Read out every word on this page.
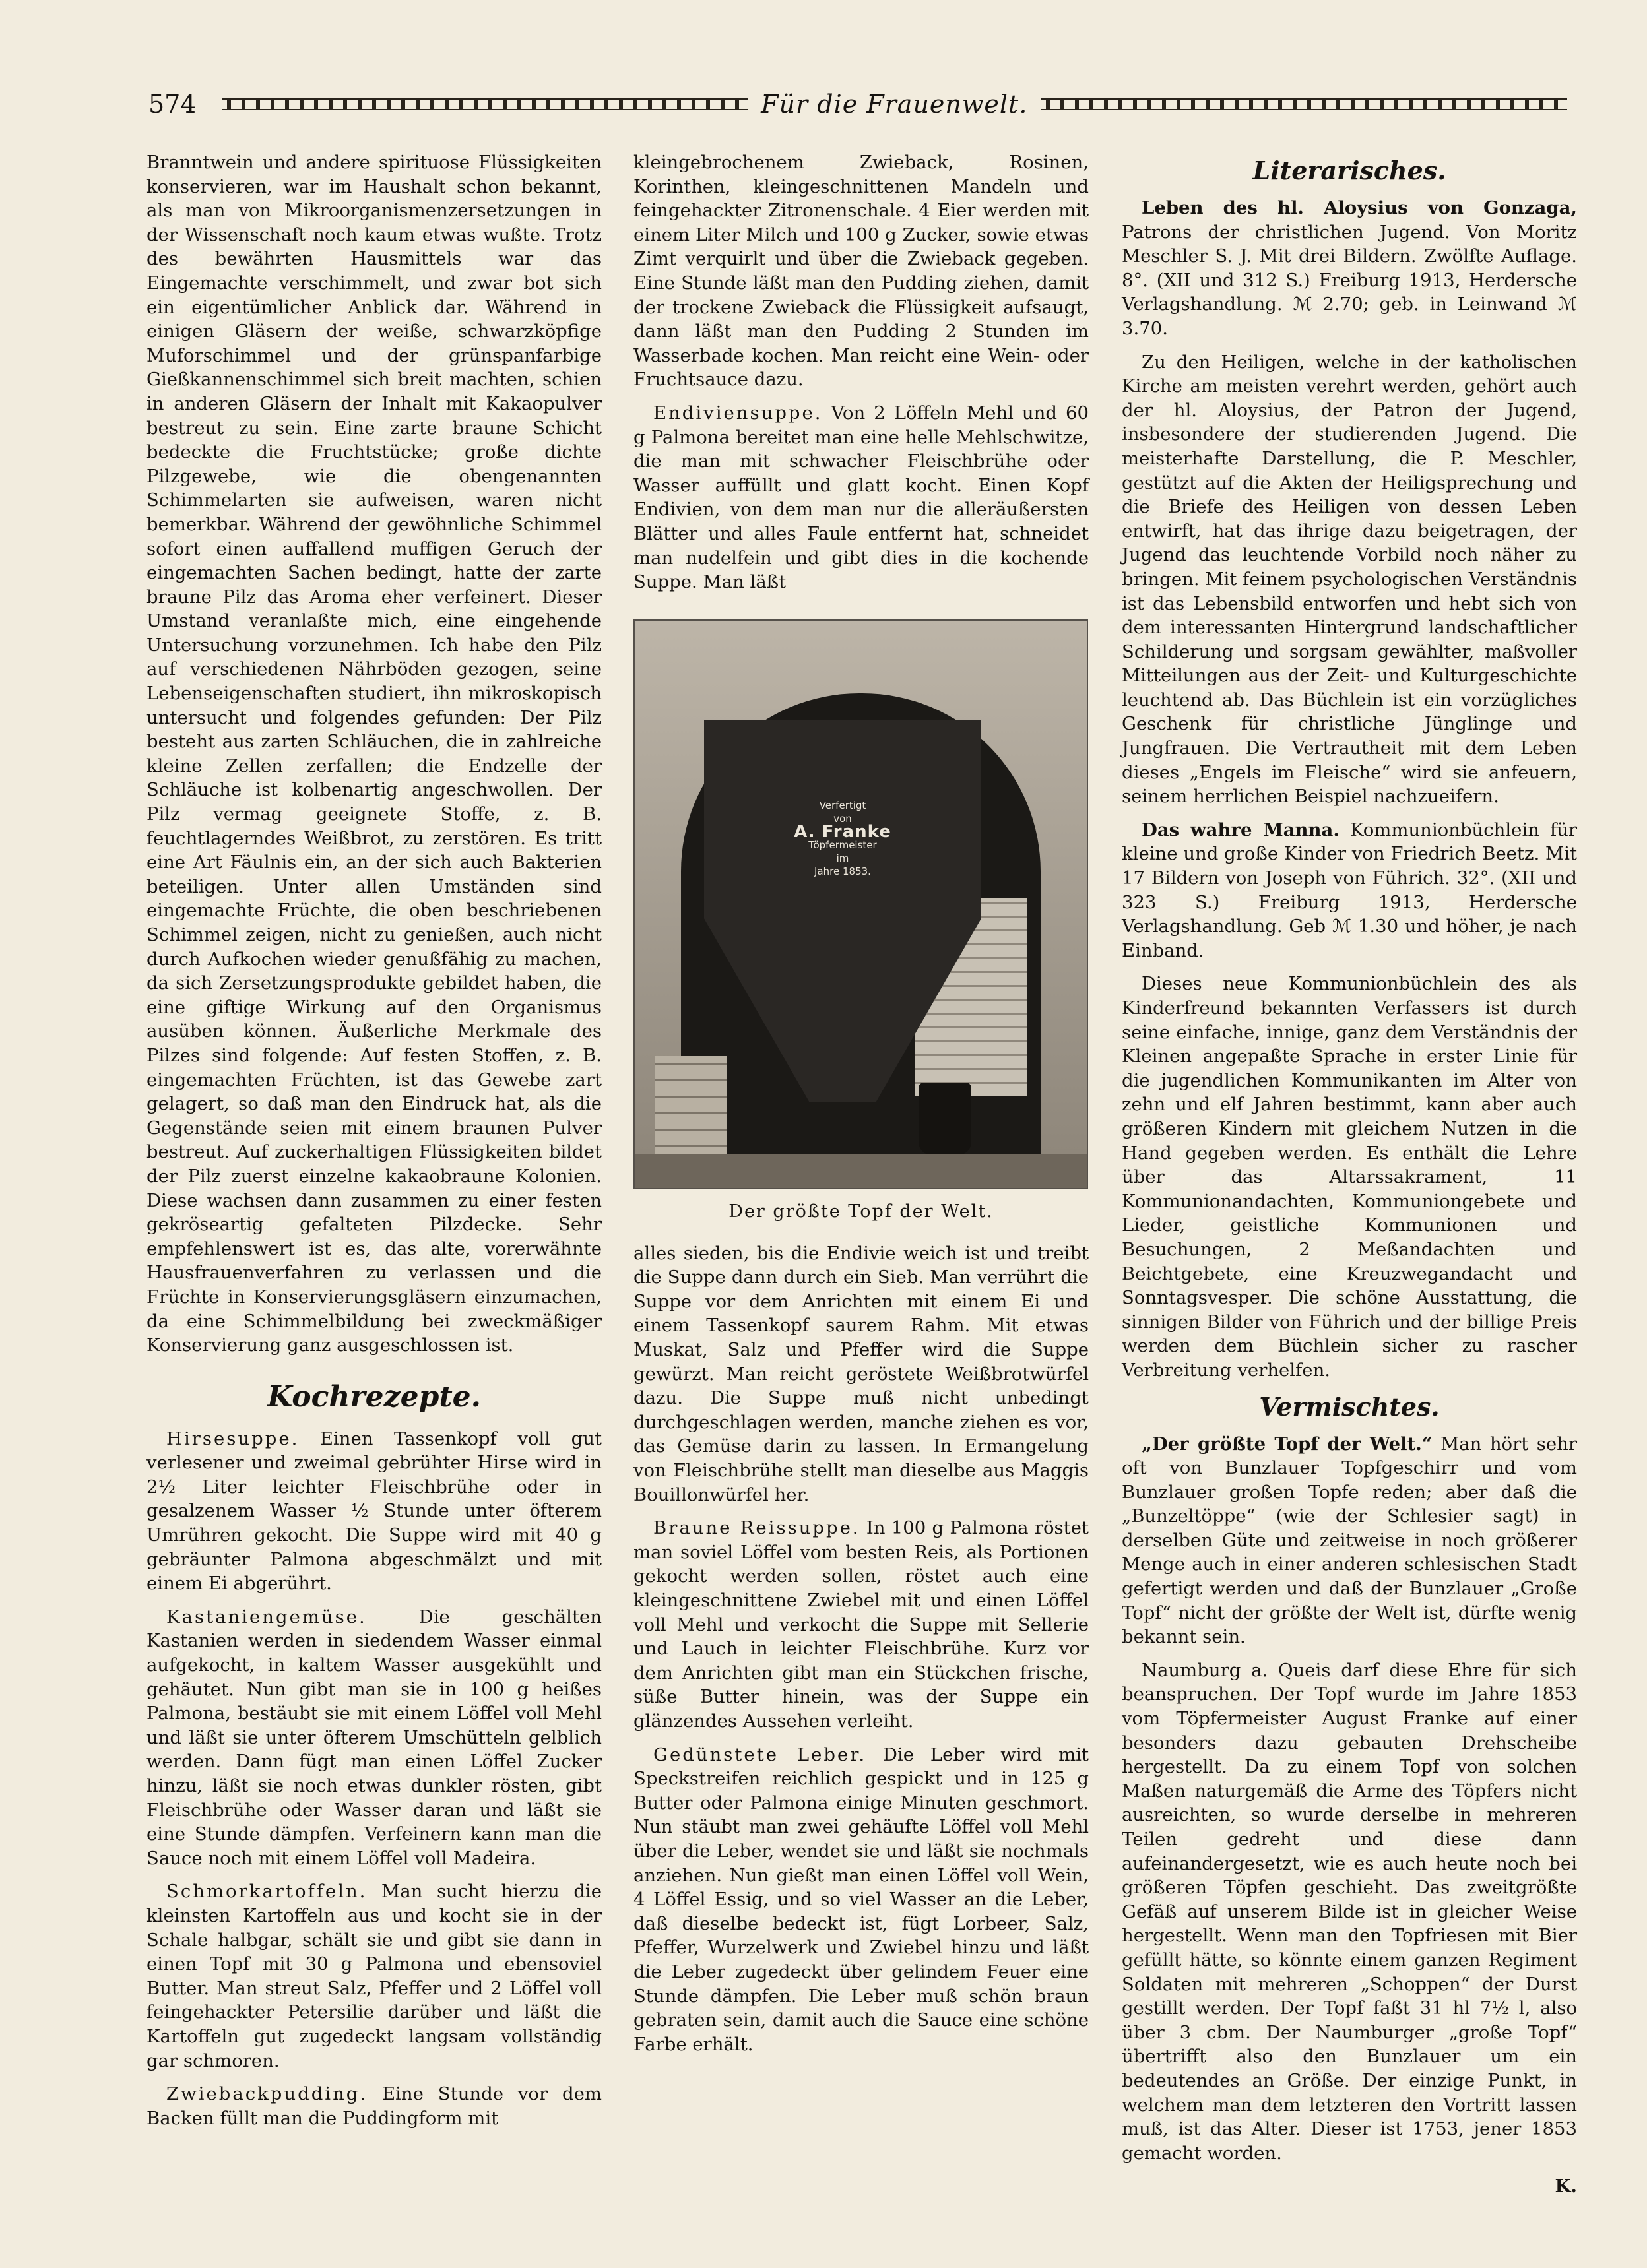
574	Für die Frauenwelt.

Branntwein und andere spirituose Flüssigkeiten konservieren, war im Haushalt schon bekannt, als man von Mikroorganismenzersetzungen in der Wissenschaft noch kaum etwas wußte. Trotz des bewährten Hausmittels war das Eingemachte verschimmelt, und zwar bot sich ein eigentümlicher Anblick dar. Während in einigen Gläsern der weiße, schwarzköpfige Muforschimmel und der grünspanfarbige Gießkannenschimmel sich breit machten, schien in anderen Gläsern der Inhalt mit Kakaopulver bestreut zu sein. Eine zarte braune Schicht bedeckte die Fruchtstücke; große dichte Pilzgewebe, wie die obengenannten Schimmelarten sie aufweisen, waren nicht bemerkbar. Während der gewöhnliche Schimmel sofort einen auffallend muffigen Geruch der eingemachten Sachen bedingt, hatte der zarte braune Pilz das Aroma eher verfeinert. Dieser Umstand veranlaßte mich, eine eingehende Untersuchung vorzunehmen. Ich habe den Pilz auf verschiedenen Nährböden gezogen, seine Lebenseigenschaften studiert, ihn mikroskopisch untersucht und folgendes gefunden: Der Pilz besteht aus zarten Schläuchen, die in zahlreiche kleine Zellen zerfallen; die Endzelle der Schläuche ist kolbenartig angeschwollen. Der Pilz vermag geeignete Stoffe, z. B. feuchtlagerndes Weißbrot, zu zerstören. Es tritt eine Art Fäulnis ein, an der sich auch Bakterien beteiligen. Unter allen Umständen sind eingemachte Früchte, die oben beschriebenen Schimmel zeigen, nicht zu genießen, auch nicht durch Aufkochen wieder genußfähig zu machen, da sich Zersetzungsprodukte gebildet haben, die eine giftige Wirkung auf den Organismus ausüben können. Äußerliche Merkmale des Pilzes sind folgende: Auf festen Stoffen, z. B. eingemachten Früchten, ist das Gewebe zart gelagert, so daß man den Eindruck hat, als die Gegenstände seien mit einem braunen Pulver bestreut. Auf zuckerhaltigen Flüssigkeiten bildet der Pilz zuerst einzelne kakaobraune Kolonien. Diese wachsen dann zusammen zu einer festen gekröseartig gefalteten Pilzdecke. Sehr empfehlenswert ist es, das alte, vorerwähnte Hausfrauenverfahren zu verlassen und die Früchte in Konservierungsgläsern einzumachen, da eine Schimmelbildung bei zweckmäßiger Konservierung ganz ausgeschlossen ist.

Kochrezepte.

Hirsesuppe. Einen Tassenkopf voll gut verlesener und zweimal gebrühter Hirse wird in 2½ Liter leichter Fleischbrühe oder in gesalzenem Wasser ½ Stunde unter öfterem Umrühren gekocht. Die Suppe wird mit 40 g gebräunter Palmona abgeschmälzt und mit einem Ei abgerührt.

Kastaniengemüse. Die geschälten Kastanien werden in siedendem Wasser einmal aufgekocht, in kaltem Wasser ausgekühlt und gehäutet. Nun gibt man sie in 100 g heißes Palmona, bestäubt sie mit einem Löffel voll Mehl und läßt sie unter öfterem Umschütteln gelblich werden. Dann fügt man einen Löffel Zucker hinzu, läßt sie noch etwas dunkler rösten, gibt Fleischbrühe oder Wasser daran und läßt sie eine Stunde dämpfen. Verfeinern kann man die Sauce noch mit einem Löffel voll Madeira.

Schmorkartoffeln. Man sucht hierzu die kleinsten Kartoffeln aus und kocht sie in der Schale halbgar, schält sie und gibt sie dann in einen Topf mit 30 g Palmona und ebensoviel Butter. Man streut Salz, Pfeffer und 2 Löffel voll feingehackter Petersilie darüber und läßt die Kartoffeln gut zugedeckt langsam vollständig gar schmoren.

Zwiebackpudding. Eine Stunde vor dem Backen füllt man die Puddingform mit

kleingebrochenem Zwieback, Rosinen, Korinthen, kleingeschnittenen Mandeln und feingehackter Zitronenschale. 4 Eier werden mit einem Liter Milch und 100 g Zucker, sowie etwas Zimt verquirlt und über die Zwieback gegeben. Eine Stunde läßt man den Pudding ziehen, damit der trockene Zwieback die Flüssigkeit aufsaugt, dann läßt man den Pudding 2 Stunden im Wasserbade kochen. Man reicht eine Wein- oder Fruchtsauce dazu.

Endiviensuppe. Von 2 Löffeln Mehl und 60 g Palmona bereitet man eine helle Mehlschwitze, die man mit schwacher Fleischbrühe oder Wasser auffüllt und glatt kocht. Einen Kopf Endivien, von dem man nur die alleräußersten Blätter und alles Faule entfernt hat, schneidet man nudelfein und gibt dies in die kochende Suppe. Man läßt

Verfertigt
von
A. Franke
Töpfermeister
im
Jahre 1853.
Der größte Topf der Welt.

alles sieden, bis die Endivie weich ist und treibt die Suppe dann durch ein Sieb. Man verrührt die Suppe vor dem Anrichten mit einem Ei und einem Tassenkopf saurem Rahm. Mit etwas Muskat, Salz und Pfeffer wird die Suppe gewürzt. Man reicht geröstete Weißbrotwürfel dazu. Die Suppe muß nicht unbedingt durchgeschlagen werden, manche ziehen es vor, das Gemüse darin zu lassen. In Ermangelung von Fleischbrühe stellt man dieselbe aus Maggis Bouillonwürfel her.

Braune Reissuppe. In 100 g Palmona röstet man soviel Löffel vom besten Reis, als Portionen gekocht werden sollen, röstet auch eine kleingeschnittene Zwiebel mit und einen Löffel voll Mehl und verkocht die Suppe mit Sellerie und Lauch in leichter Fleischbrühe. Kurz vor dem Anrichten gibt man ein Stückchen frische, süße Butter hinein, was der Suppe ein glänzendes Aussehen verleiht.

Gedünstete Leber. Die Leber wird mit Speckstreifen reichlich gespickt und in 125 g Butter oder Palmona einige Minuten geschmort. Nun stäubt man zwei gehäufte Löffel voll Mehl über die Leber, wendet sie und läßt sie nochmals anziehen. Nun gießt man einen Löffel voll Wein, 4 Löffel Essig, und so viel Wasser an die Leber, daß dieselbe bedeckt ist, fügt Lorbeer, Salz, Pfeffer, Wurzelwerk und Zwiebel hinzu und läßt die Leber zugedeckt über gelindem Feuer eine Stunde dämpfen. Die Leber muß schön braun gebraten sein, damit auch die Sauce eine schöne Farbe erhält.

Literarisches.

Leben des hl. Aloysius von Gonzaga, Patrons der christlichen Jugend. Von Moritz Meschler S. J. Mit drei Bildern. Zwölfte Auflage. 8°. (XII und 312 S.) Freiburg 1913, Herdersche Verlagshandlung. ℳ 2.70; geb. in Leinwand ℳ 3.70.

Zu den Heiligen, welche in der katholischen Kirche am meisten verehrt werden, gehört auch der hl. Aloysius, der Patron der Jugend, insbesondere der studierenden Jugend. Die meisterhafte Darstellung, die P. Meschler, gestützt auf die Akten der Heiligsprechung und die Briefe des Heiligen von dessen Leben entwirft, hat das ihrige dazu beigetragen, der Jugend das leuchtende Vorbild noch näher zu bringen. Mit feinem psychologischen Verständnis ist das Lebensbild entworfen und hebt sich von dem interessanten Hintergrund landschaftlicher Schilderung und sorgsam gewählter, maßvoller Mitteilungen aus der Zeit- und Kulturgeschichte leuchtend ab. Das Büchlein ist ein vorzügliches Geschenk für christliche Jünglinge und Jungfrauen. Die Vertrautheit mit dem Leben dieses „Engels im Fleische“ wird sie anfeuern, seinem herrlichen Beispiel nachzueifern.

Das wahre Manna. Kommunionbüchlein für kleine und große Kinder von Friedrich Beetz. Mit 17 Bildern von Joseph von Führich. 32°. (XII und 323 S.) Freiburg 1913, Herdersche Verlagshandlung. Geb ℳ 1.30 und höher, je nach Einband.

Dieses neue Kommunionbüchlein des als Kinderfreund bekannten Verfassers ist durch seine einfache, innige, ganz dem Verständnis der Kleinen angepaßte Sprache in erster Linie für die jugendlichen Kommunikanten im Alter von zehn und elf Jahren bestimmt, kann aber auch größeren Kindern mit gleichem Nutzen in die Hand gegeben werden. Es enthält die Lehre über das Altarssakrament, 11 Kommunionandachten, Kommuniongebete und Lieder, geistliche Kommunionen und Besuchungen, 2 Meßandachten und Beichtgebete, eine Kreuzwegandacht und Sonntagsvesper. Die schöne Ausstattung, die sinnigen Bilder von Führich und der billige Preis werden dem Büchlein sicher zu rascher Verbreitung verhelfen.

Vermischtes.

„Der größte Topf der Welt.“ Man hört sehr oft von Bunzlauer Topfgeschirr und vom Bunzlauer großen Topfe reden; aber daß die „Bunzeltöppe“ (wie der Schlesier sagt) in derselben Güte und zeitweise in noch größerer Menge auch in einer anderen schlesischen Stadt gefertigt werden und daß der Bunzlauer „Große Topf“ nicht der größte der Welt ist, dürfte wenig bekannt sein.

Naumburg a. Queis darf diese Ehre für sich beanspruchen. Der Topf wurde im Jahre 1853 vom Töpfermeister August Franke auf einer besonders dazu gebauten Drehscheibe hergestellt. Da zu einem Topf von solchen Maßen naturgemäß die Arme des Töpfers nicht ausreichten, so wurde derselbe in mehreren Teilen gedreht und diese dann aufeinandergesetzt, wie es auch heute noch bei größeren Töpfen geschieht. Das zweitgrößte Gefäß auf unserem Bilde ist in gleicher Weise hergestellt. Wenn man den Topfriesen mit Bier gefüllt hätte, so könnte einem ganzen Regiment Soldaten mit mehreren „Schoppen“ der Durst gestillt werden. Der Topf faßt 31 hl 7½ l, also über 3 cbm. Der Naumburger „große Topf“ übertrifft also den Bunzlauer um ein bedeutendes an Größe. Der einzige Punkt, in welchem man dem letzteren den Vortritt lassen muß, ist das Alter. Dieser ist 1753, jener 1853 gemacht worden.

K.
